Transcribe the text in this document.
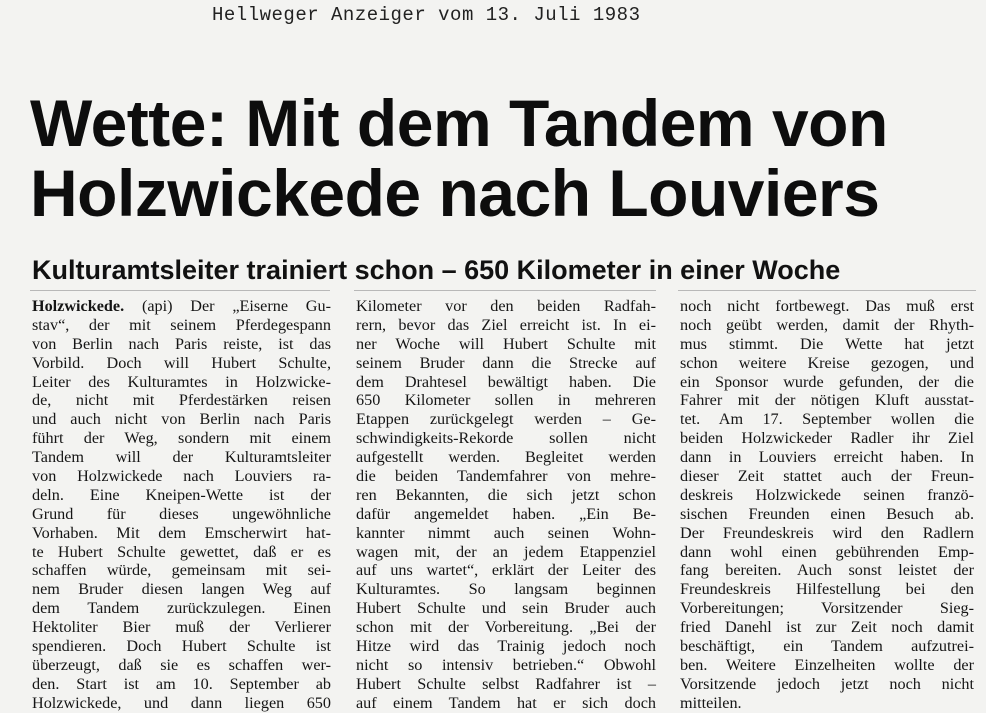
Hellweger Anzeiger vom 13. Juli 1983
Wette: Mit dem Tandem von
Holzwickede nach Louviers
Kulturamtsleiter trainiert schon – 650 Kilometer in einer Woche
Holzwickede. (api) Der „Eiserne Gu-
stav“, der mit seinem Pferdegespann
von Berlin nach Paris reiste, ist das
Vorbild. Doch will Hubert Schulte,
Leiter des Kulturamtes in Holzwicke-
de, nicht mit Pferdestärken reisen
und auch nicht von Berlin nach Paris
führt der Weg, sondern mit einem
Tandem will der Kulturamtsleiter
von Holzwickede nach Louviers ra-
deln. Eine Kneipen-Wette ist der
Grund für dieses ungewöhnliche
Vorhaben. Mit dem Emscherwirt hat-
te Hubert Schulte gewettet, daß er es
schaffen würde, gemeinsam mit sei-
nem Bruder diesen langen Weg auf
dem Tandem zurückzulegen. Einen
Hektoliter Bier muß der Verlierer
spendieren. Doch Hubert Schulte ist
überzeugt, daß sie es schaffen wer-
den. Start ist am 10. September ab
Holzwickede, und dann liegen 650
Kilometer vor den beiden Radfah-
rern, bevor das Ziel erreicht ist. In ei-
ner Woche will Hubert Schulte mit
seinem Bruder dann die Strecke auf
dem Drahtesel bewältigt haben. Die
650 Kilometer sollen in mehreren
Etappen zurückgelegt werden – Ge-
schwindigkeits-Rekorde sollen nicht
aufgestellt werden. Begleitet werden
die beiden Tandemfahrer von mehre-
ren Bekannten, die sich jetzt schon
dafür angemeldet haben. „Ein Be-
kannter nimmt auch seinen Wohn-
wagen mit, der an jedem Etappenziel
auf uns wartet“, erklärt der Leiter des
Kulturamtes. So langsam beginnen
Hubert Schulte und sein Bruder auch
schon mit der Vorbereitung. „Bei der
Hitze wird das Trainig jedoch noch
nicht so intensiv betrieben.“ Obwohl
Hubert Schulte selbst Radfahrer ist –
auf einem Tandem hat er sich doch
noch nicht fortbewegt. Das muß erst
noch geübt werden, damit der Rhyth-
mus stimmt. Die Wette hat jetzt
schon weitere Kreise gezogen, und
ein Sponsor wurde gefunden, der die
Fahrer mit der nötigen Kluft ausstat-
tet. Am 17. September wollen die
beiden Holzwickeder Radler ihr Ziel
dann in Louviers erreicht haben. In
dieser Zeit stattet auch der Freun-
deskreis Holzwickede seinen franzö-
sischen Freunden einen Besuch ab.
Der Freundeskreis wird den Radlern
dann wohl einen gebührenden Emp-
fang bereiten. Auch sonst leistet der
Freundeskreis Hilfestellung bei den
Vorbereitungen; Vorsitzender Sieg-
fried Danehl ist zur Zeit noch damit
beschäftigt, ein Tandem aufzutrei-
ben. Weitere Einzelheiten wollte der
Vorsitzende jedoch jetzt noch nicht
mitteilen.
